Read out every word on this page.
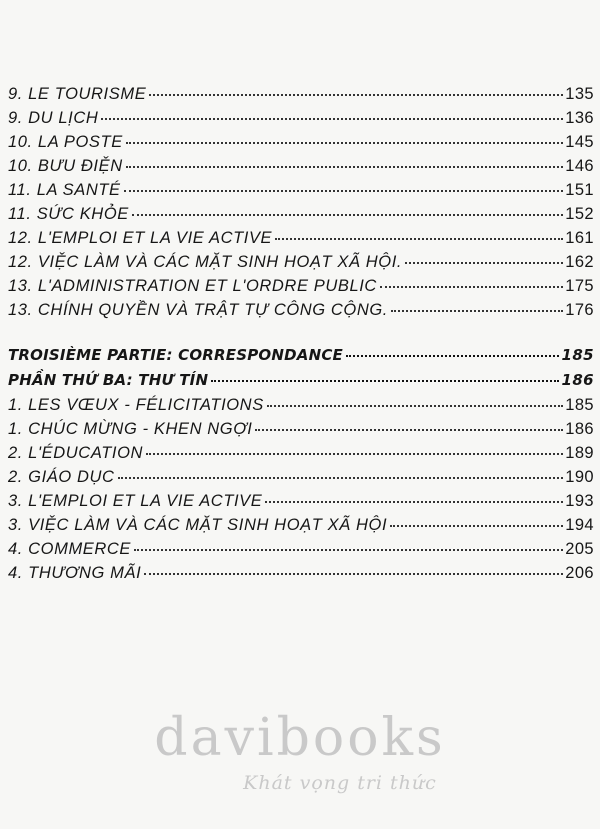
9. LE TOURISME	135
9. DU LỊCH	136
10. LA POSTE	145
10. BƯU ĐIỆN	146
11. LA SANTÉ	151
11. SỨC KHỎE	152
12. L'EMPLOI ET LA VIE ACTIVE	161
12. VIỆC LÀM VÀ CÁC MẶT SINH HOẠT XÃ HỘI.	162
13. L'ADMINISTRATION ET L'ORDRE PUBLIC	175
13. CHÍNH QUYỀN VÀ TRẬT TỰ CÔNG CỘNG.	176
TROISIÈME PARTIE: CORRESPONDANCE	185
PHẦN THỨ BA: THƯ TÍN	186
1. LES VŒUX - FÉLICITATIONS	185
1. CHÚC MỪNG - KHEN NGỢI	186
2. L'ÉDUCATION	189
2. GIÁO DỤC	190
3. L'EMPLOI ET LA VIE ACTIVE	193
3. VIỆC LÀM VÀ CÁC MẶT SINH HOẠT XÃ HỘI	194
4. COMMERCE	205
4. THƯƠNG MÃI	206
davibooks
Khát vọng tri thức
